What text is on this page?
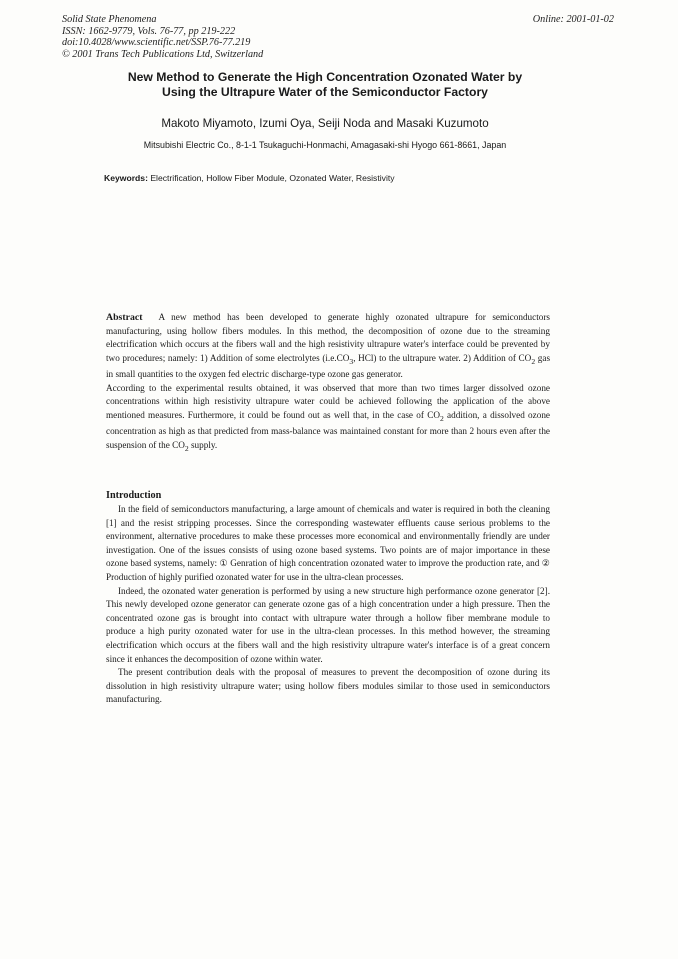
Solid State Phenomena
ISSN: 1662-9779, Vols. 76-77, pp 219-222
doi:10.4028/www.scientific.net/SSP.76-77.219
© 2001 Trans Tech Publications Ltd, Switzerland
Online: 2001-01-02
New Method to Generate the High Concentration Ozonated Water by
Using the Ultrapure Water of the Semiconductor Factory
Makoto Miyamoto, Izumi Oya, Seiji Noda and Masaki Kuzumoto
Mitsubishi Electric Co., 8-1-1 Tsukaguchi-Honmachi, Amagasaki-shi Hyogo 661-8661, Japan
Keywords: Electrification, Hollow Fiber Module, Ozonated Water, Resistivity

Abstract A new method has been developed to generate highly ozonated ultrapure for semiconductors manufacturing, using hollow fibers modules. In this method, the decomposition of ozone due to the streaming electrification which occurs at the fibers wall and the high resistivity ultrapure water's interface could be prevented by two procedures; namely: 1) Addition of some electrolytes ($i.e.CO_3$, HCl) to the ultrapure water. 2) Addition of $CO_2$ gas in small quantities to the oxygen fed electric discharge-type ozone gas generator.

According to the experimental results obtained, it was observed that more than two times larger dissolved ozone concentrations within high resistivity ultrapure water could be achieved following the application of the above mentioned measures. Furthermore, it could be found out as well that, in the case of $CO_2$ addition, a dissolved ozone concentration as high as that predicted from mass-balance was maintained constant for more than 2 hours even after the suspension of the $CO_2$ supply.

Introduction

In the field of semiconductors manufacturing, a large amount of chemicals and water is required in both the cleaning [1] and the resist stripping processes. Since the corresponding wastewater effluents cause serious problems to the environment, alternative procedures to make these processes more economical and environmentally friendly are under investigation. One of the issues consists of using ozone based systems. Two points are of major importance in these ozone based systems, namely: ① Genration of high concentration ozonated water to improve the production rate, and ② Production of highly purified ozonated water for use in the ultra-clean processes.

Indeed, the ozonated water generation is performed by using a new structure high performance ozone generator [2]. This newly developed ozone generator can generate ozone gas of a high concentration under a high pressure. Then the concentrated ozone gas is brought into contact with ultrapure water through a hollow fiber membrane module to produce a high purity ozonated water for use in the ultra-clean processes. In this method however, the streaming electrification which occurs at the fibers wall and the high resistivity ultrapure water's interface is of a great concern since it enhances the decomposition of ozone within water.

The present contribution deals with the proposal of measures to prevent the decomposition of ozone during its dissolution in high resistivity ultrapure water; using hollow fibers modules similar to those used in semiconductors manufacturing.
